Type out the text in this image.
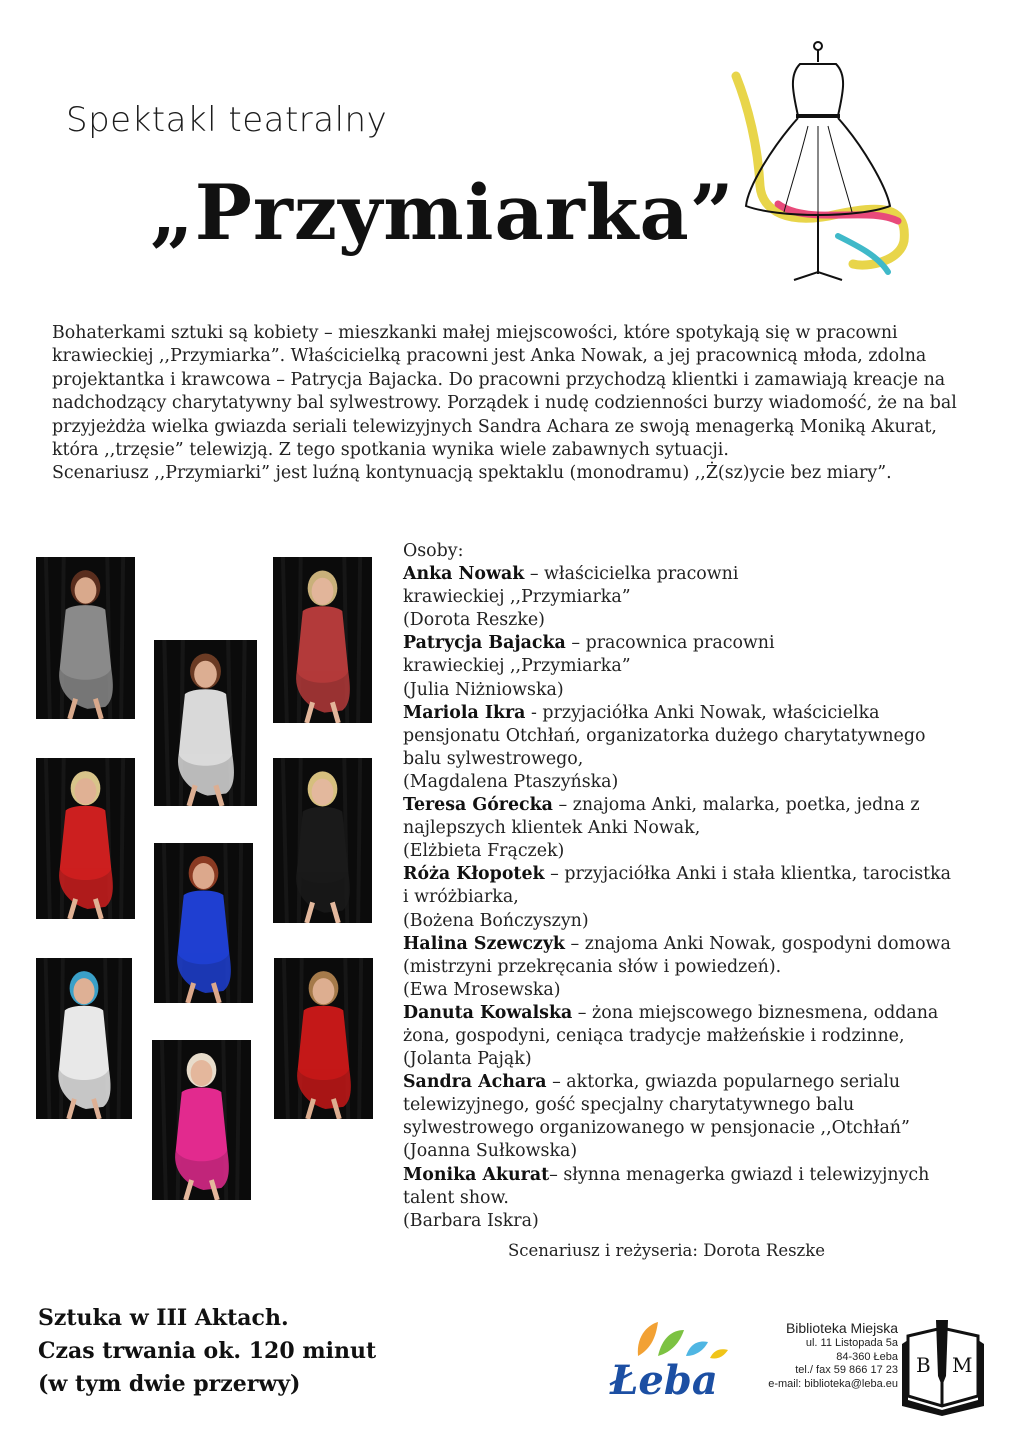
Spektakl teatralny
„Przymiarka”

Bohaterkami sztuki są kobiety – mieszkanki małej miejscowości, które spotykają się w pracowni krawieckiej ,,Przymiarka”. Właścicielką pracowni jest Anka Nowak, a jej pracownicą młoda, zdolna projektantka i krawcowa – Patrycja Bajacka. Do pracowni przychodzą klientki i zamawiają kreacje na nadchodzący charytatywny bal sylwestrowy. Porządek i nudę codzienności burzy wiadomość, że na bal przyjeżdża wielka gwiazda seriali telewizyjnych Sandra Achara ze swoją menagerką Moniką Akurat, która ,,trzęsie” telewizją. Z tego spotkania wynika wiele zabawnych sytuacji.

Scenariusz ,,Przymiarki” jest luźną kontynuacją spektaklu (monodramu) ,,Ż(sz)ycie bez miary”.

Osoby:
Anka Nowak – właścicielka pracowni
krawieckiej ,,Przymiarka”
(Dorota Reszke)
Patrycja Bajacka – pracownica pracowni
krawieckiej ,,Przymiarka”
(Julia Niżniowska)
Mariola Ikra - przyjaciółka Anki Nowak, właścicielka
pensjonatu Otchłań, organizatorka dużego charytatywnego
balu sylwestrowego,
(Magdalena Ptaszyńska)
Teresa Górecka – znajoma Anki, malarka, poetka, jedna z
najlepszych klientek Anki Nowak,
(Elżbieta Frączek)
Róża Kłopotek – przyjaciółka Anki i stała klientka, tarocistka
i wróżbiarka,
(Bożena Bończyszyn)
Halina Szewczyk – znajoma Anki Nowak, gospodyni domowa
(mistrzyni przekręcania słów i powiedzeń).
(Ewa Mrosewska)
Danuta Kowalska – żona miejscowego biznesmena, oddana
żona, gospodyni, ceniąca tradycje małżeńskie i rodzinne,
(Jolanta Pająk)
Sandra Achara – aktorka, gwiazda popularnego serialu
telewizyjnego, gość specjalny charytatywnego balu
sylwestrowego organizowanego w pensjonacie ,,Otchłań”
(Joanna Sułkowska)
Monika Akurat– słynna menagerka gwiazd i telewizyjnych
talent show.
(Barbara Iskra)
Scenariusz i reżyseria: Dorota Reszke
Sztuka w III Aktach.
Czas trwania ok. 120 minut
(w tym dwie przerwy)	Łeba
Biblioteka Miejska
ul. 11 Listopada 5a
84-360 Łeba
tel./ fax 59 866 17 23
e-mail: biblioteka@leba.eu
B M
